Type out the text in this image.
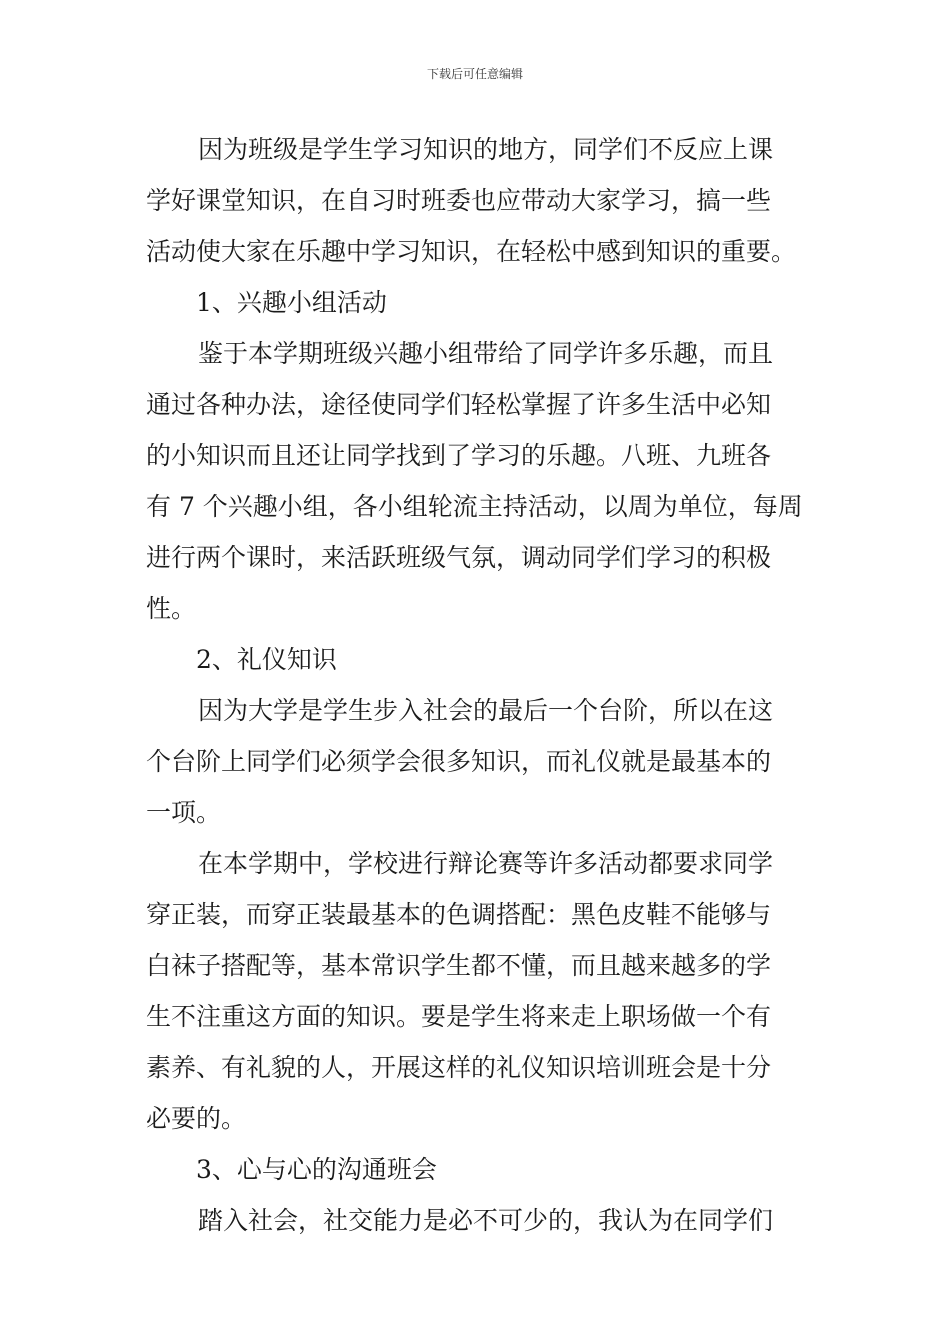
下载后可任意编辑
因为班级是学生学习知识的地方，同学们不反应上课
学好课堂知识，在自习时班委也应带动大家学习，搞一些
活动使大家在乐趣中学习知识，在轻松中感到知识的重要。
1、兴趣小组活动
鉴于本学期班级兴趣小组带给了同学许多乐趣，而且
通过各种办法，途径使同学们轻松掌握了许多生活中必知
的小知识而且还让同学找到了学习的乐趣。八班、九班各
有 7 个兴趣小组，各小组轮流主持活动，以周为单位，每周
进行两个课时，来活跃班级气氛，调动同学们学习的积极
性。
2、礼仪知识
因为大学是学生步入社会的最后一个台阶，所以在这
个台阶上同学们必须学会很多知识，而礼仪就是最基本的
一项。
在本学期中，学校进行辩论赛等许多活动都要求同学
穿正装，而穿正装最基本的色调搭配：黑色皮鞋不能够与
白袜子搭配等，基本常识学生都不懂，而且越来越多的学
生不注重这方面的知识。要是学生将来走上职场做一个有
素养、有礼貌的人，开展这样的礼仪知识培训班会是十分
必要的。
3、心与心的沟通班会
踏入社会，社交能力是必不可少的，我认为在同学们
